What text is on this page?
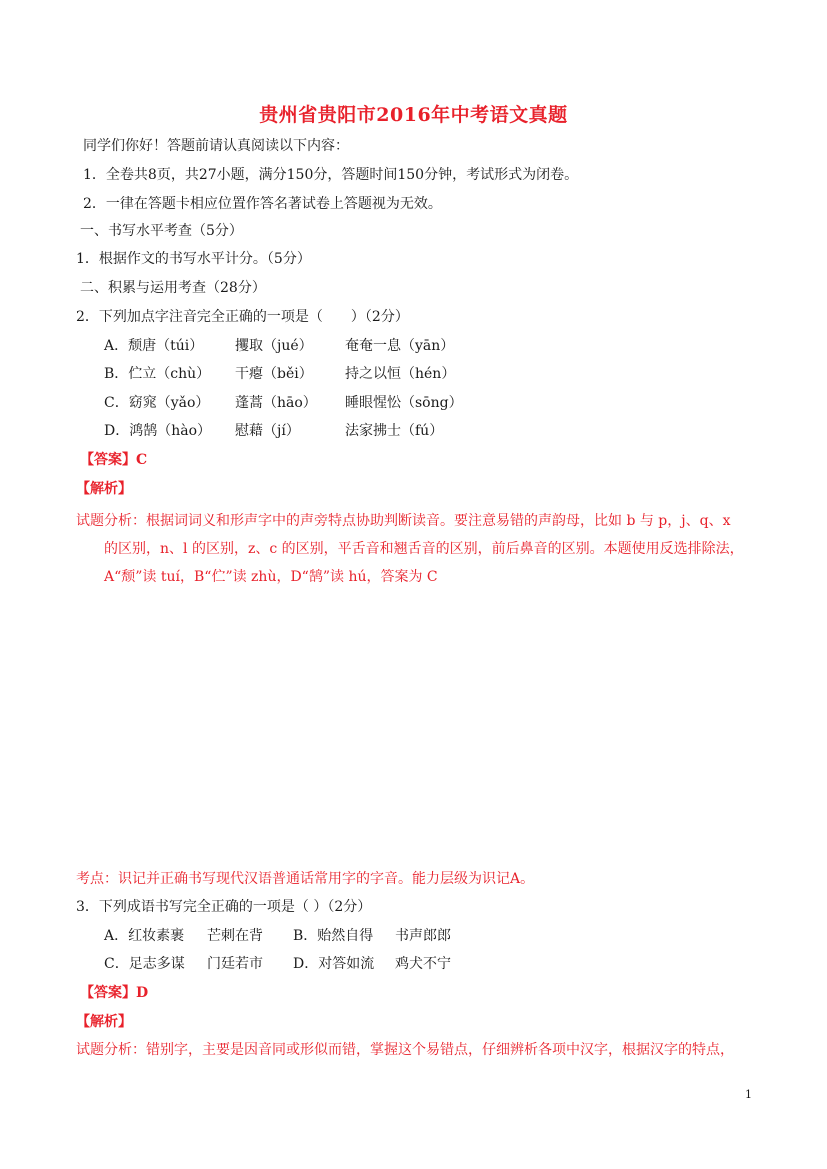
贵州省贵阳市2016年中考语文真题
同学们你好！答题前请认真阅读以下内容：
1．全卷共8页，共27小题，满分150分，答题时间150分钟，考试形式为闭卷。
2．一律在答题卡相应位置作答名著试卷上答题视为无效。
一、书写水平考查（5分）
1．根据作文的书写水平计分。（5分）
二、积累与运用考查（28分）
2．下列加点字注音完全正确的一项是（　　）（2分）
A．颓唐（túi） 攫取（jué） 奄奄一息（yān）
B．伫立（chù） 干瘪（běi） 持之以恒（hén）
C．窈窕（yǎo） 蓬蒿（hāo） 睡眼惺忪（sōng）
D．鸿鹄（hào） 慰藉（jí）	法家拂士（fú）
【答案】C
【解析】
试题分析：根据词词义和形声字中的声旁特点协助判断读音。要注意易错的声韵母，比如 b 与 p，j、q、x
的区别，n、l 的区别，z、c 的区别，平舌音和翘舌音的区别，前后鼻音的区别。本题使用反选排除法，
A“颓”读 tuí，B“伫”读 zhù，D“鹄”读 hú，答案为 C
考点：识记并正确书写现代汉语普通话常用字的字音。能力层级为识记A。
3．下列成语书写完全正确的一项是（ ）（2分）
A．红妆素裹 芒刺在背 B．贻然自得 书声郎郎
C．足志多谋 门廷若市 D．对答如流 鸡犬不宁
【答案】D
【解析】
试题分析：错别字，主要是因音同或形似而错，掌握这个易错点，仔细辨析各项中汉字，根据汉字的特点，
1
